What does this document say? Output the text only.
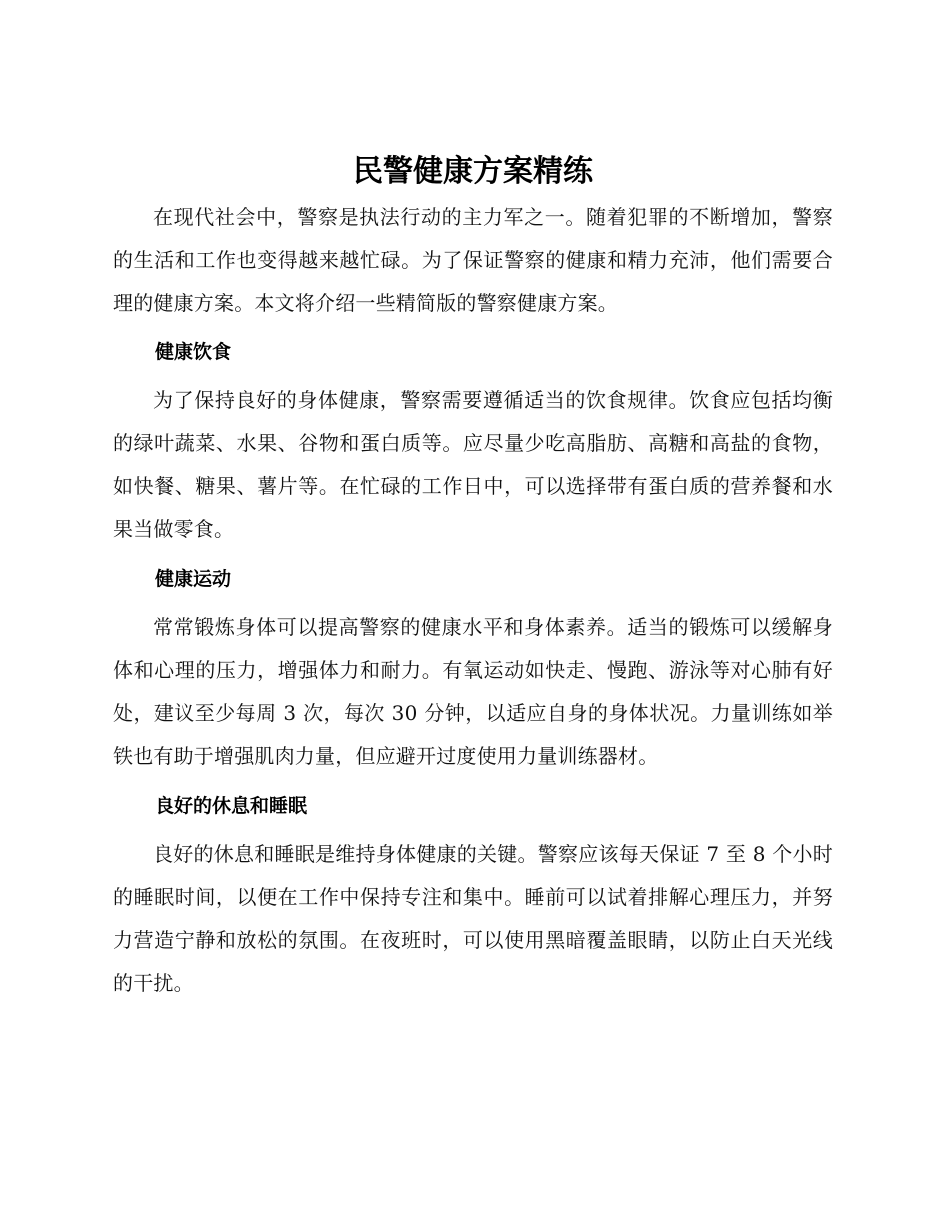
民警健康方案精练

在现代社会中，警察是执法行动的主力军之一。随着犯罪的不断增加，警察的生活和工作也变得越来越忙碌。为了保证警察的健康和精力充沛，他们需要合理的健康方案。本文将介绍一些精简版的警察健康方案。

健康饮食

为了保持良好的身体健康，警察需要遵循适当的饮食规律。饮食应包括均衡的绿叶蔬菜、水果、谷物和蛋白质等。应尽量少吃高脂肪、高糖和高盐的食物，如快餐、糖果、薯片等。在忙碌的工作日中，可以选择带有蛋白质的营养餐和水果当做零食。

健康运动

常常锻炼身体可以提高警察的健康水平和身体素养。适当的锻炼可以缓解身体和心理的压力，增强体力和耐力。有氧运动如快走、慢跑、游泳等对心肺有好处，建议至少每周 3 次，每次 30 分钟，以适应自身的身体状况。力量训练如举铁也有助于增强肌肉力量，但应避开过度使用力量训练器材。

良好的休息和睡眠

良好的休息和睡眠是维持身体健康的关键。警察应该每天保证 7 至 8 个小时的睡眠时间，以便在工作中保持专注和集中。睡前可以试着排解心理压力，并努力营造宁静和放松的氛围。在夜班时，可以使用黑暗覆盖眼睛，以防止白天光线的干扰。
